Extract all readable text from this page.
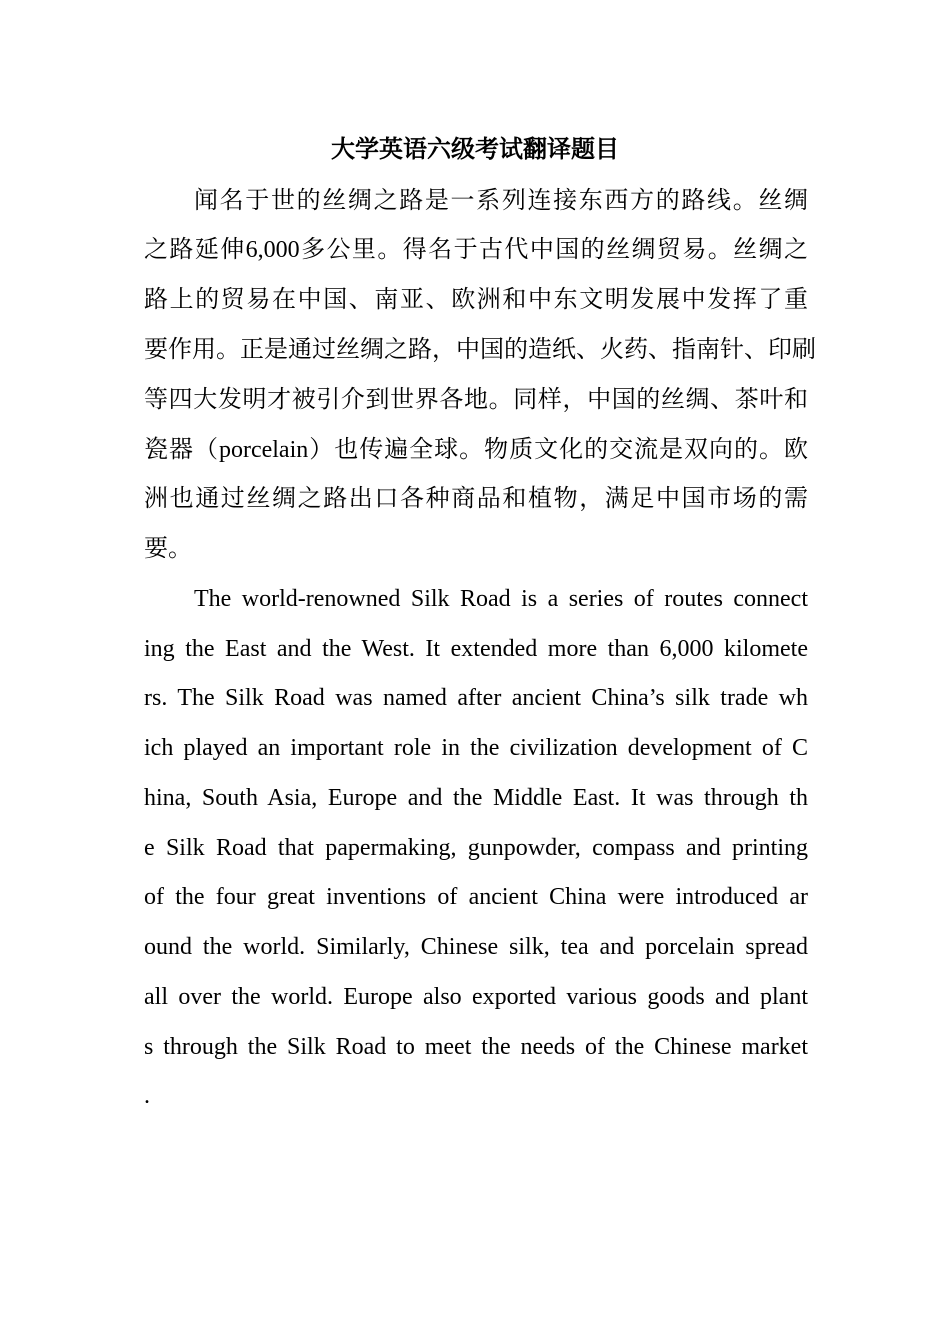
大学英语六级考试翻译题目
闻名于世的丝绸之路是一系列连接东西方的路线。丝绸
之路延伸6,000多公里。得名于古代中国的丝绸贸易。丝绸之
路上的贸易在中国、南亚、欧洲和中东文明发展中发挥了重
要作用。正是通过丝绸之路，中国的造纸、火药、指南针、印刷
等四大发明才被引介到世界各地。同样，中国的丝绸、茶叶和
瓷器（porcelain）也传遍全球。物质文化的交流是双向的。欧
洲也通过丝绸之路出口各种商品和植物，满足中国市场的需
要。
The world-renowned Silk Road is a series of routes connect
ing the East and the West. It extended more than 6,000 kilomete
rs. The Silk Road was named after ancient China’s silk trade wh
ich played an important role in the civilization development of C
hina, South Asia, Europe and the Middle East. It was through th
e Silk Road that papermaking, gunpowder, compass and printing
of the four great inventions of ancient China were introduced ar
ound the world. Similarly, Chinese silk, tea and porcelain spread
all over the world. Europe also exported various goods and plant
s through the Silk Road to meet the needs of the Chinese market
.
